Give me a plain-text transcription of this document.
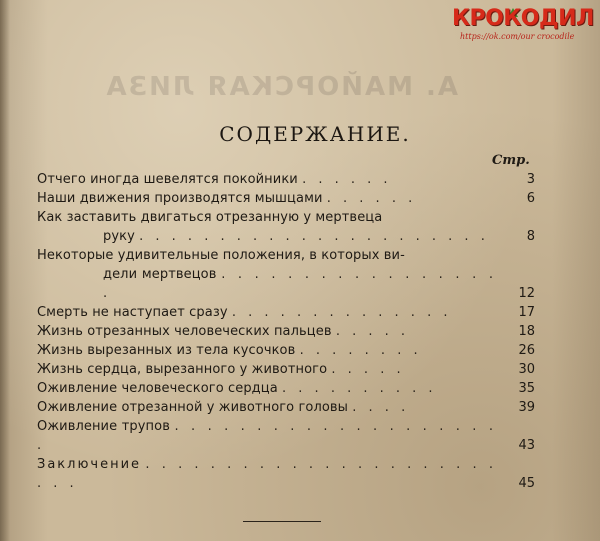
А. МАЙОРСКАЯ ЛИЗА
КРОКОДИЛ
https://ok.com/our crocodile
СОДЕРЖАНИЕ.
Стр.
Отчего иногда шевелятся покойники . . . . . .	3
Наши движения производятся мышцами . . . . . .	6
Как заставить двигаться отрезанную у мертвеца
руку . . . . . . . . . . . . . . . . . . . . . .	8
Некоторые удивительные положения, в которых ви-
дели мертвецов . . . . . . . . . . . . . . . . . .	12
Смерть не наступает сразу . . . . . . . . . . . . . .	17
Жизнь отрезанных человеческих пальцев . . . . .	18
Жизнь вырезанных из тела кусочков . . . . . . . .	26
Жизнь сердца, вырезанного у животного . . . . .	30
Оживление человеческого сердца . . . . . . . . . .	35
Оживление отрезанной у животного головы . . . .	39
Оживление трупов . . . . . . . . . . . . . . . . . . . . .	43
Заключение . . . . . . . . . . . . . . . . . . . . . . . . .	45
